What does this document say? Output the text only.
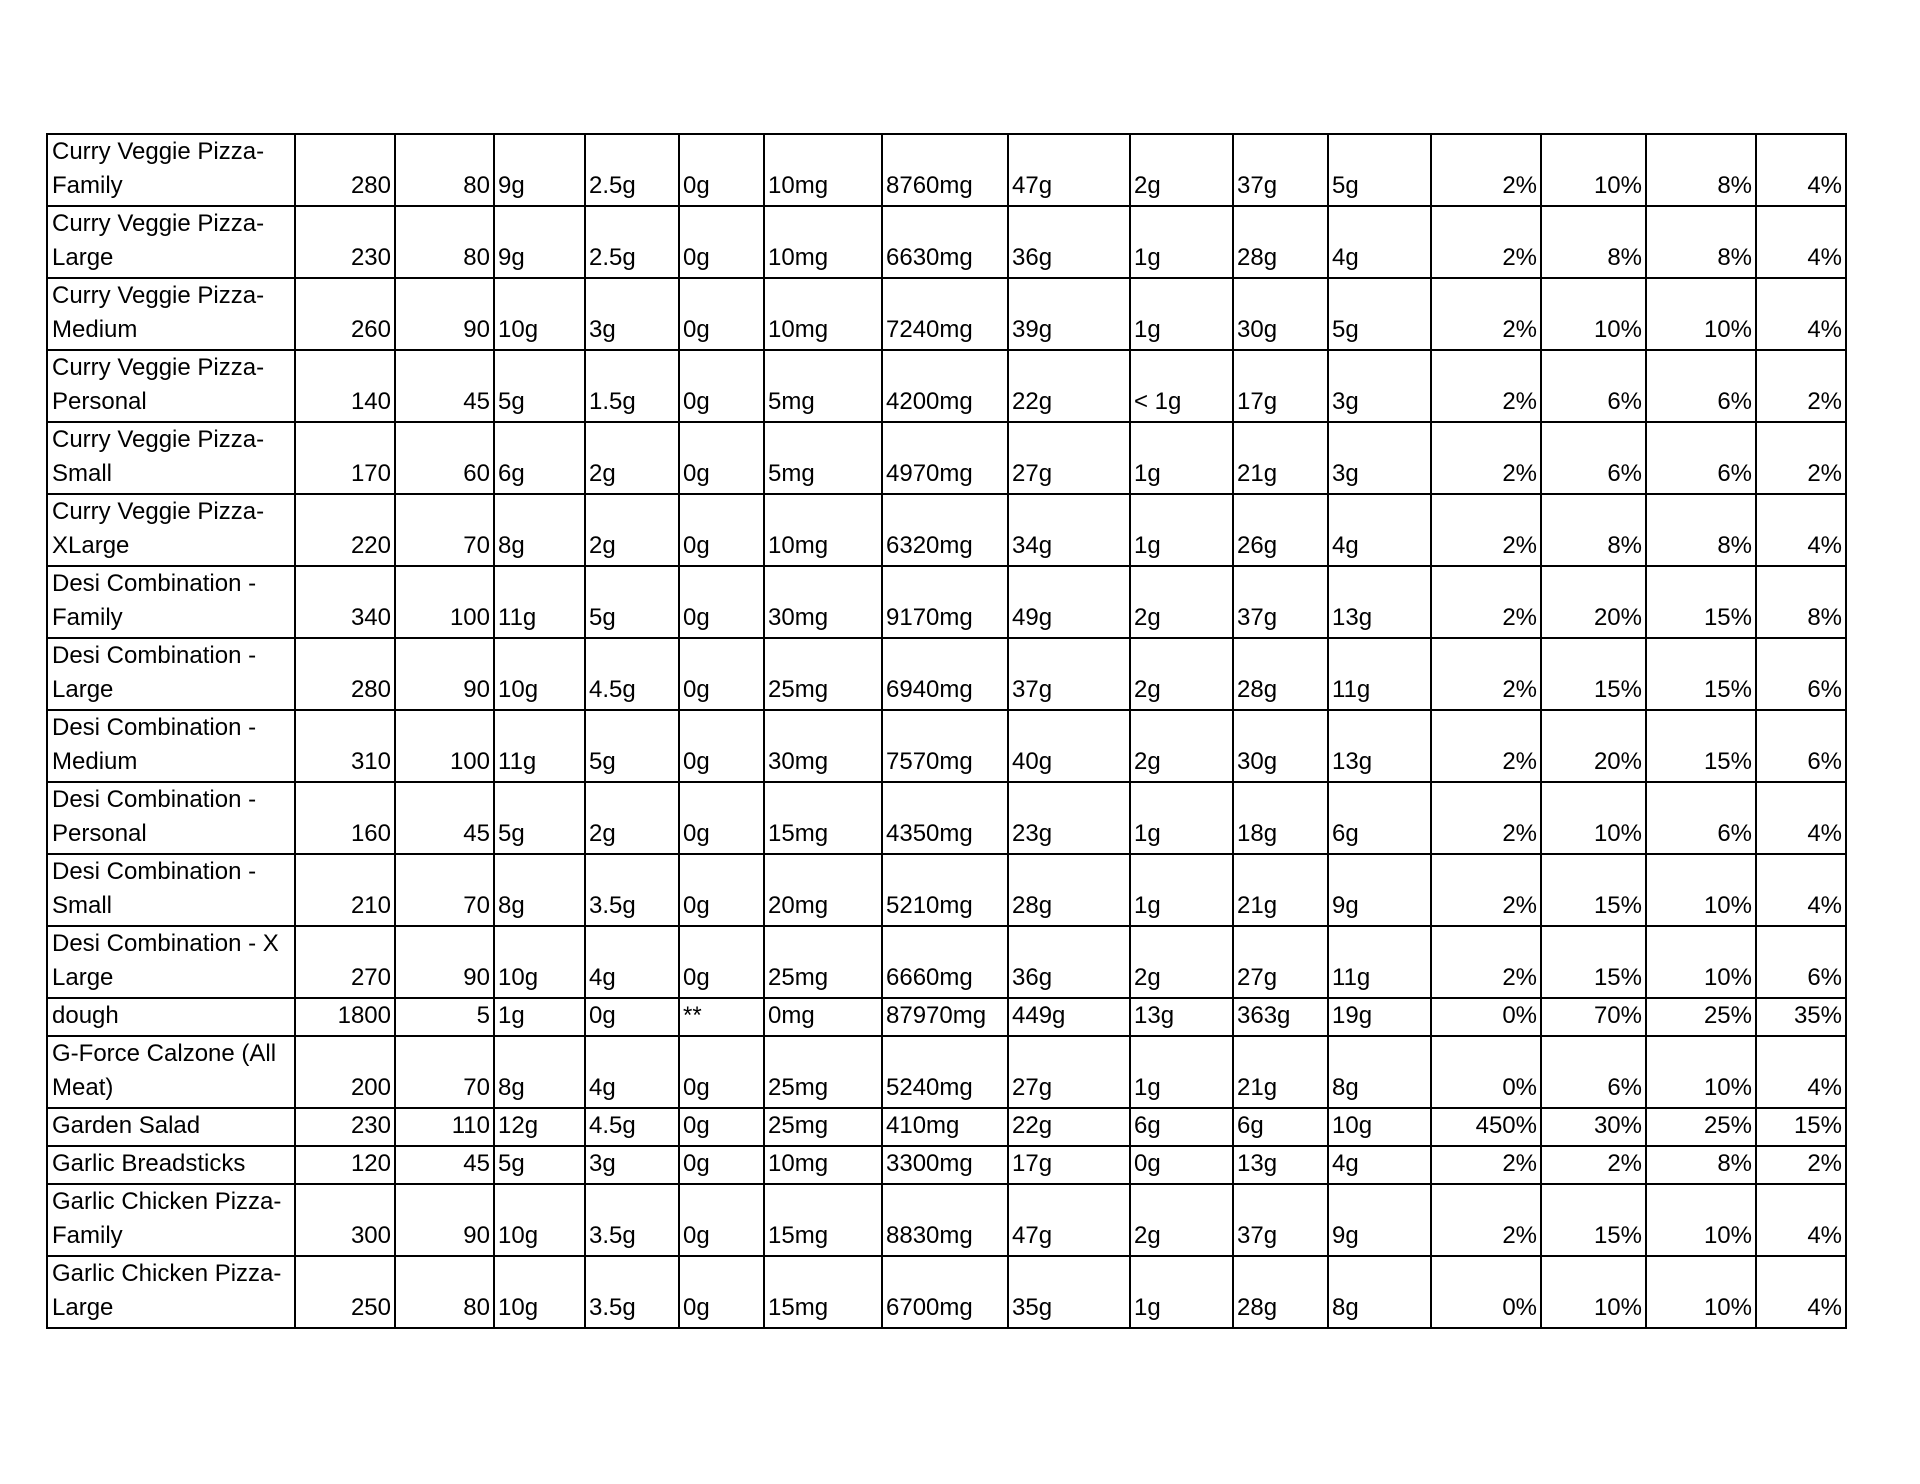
Curry Veggie Pizza-Family	280	80	9g	2.5g	0g	10mg	8760mg	47g	2g	37g	5g	2%	10%	8%	4%
Curry Veggie Pizza-Large	230	80	9g	2.5g	0g	10mg	6630mg	36g	1g	28g	4g	2%	8%	8%	4%
Curry Veggie Pizza-Medium	260	90	10g	3g	0g	10mg	7240mg	39g	1g	30g	5g	2%	10%	10%	4%
Curry Veggie Pizza-Personal	140	45	5g	1.5g	0g	5mg	4200mg	22g	< 1g	17g	3g	2%	6%	6%	2%
Curry Veggie Pizza-Small	170	60	6g	2g	0g	5mg	4970mg	27g	1g	21g	3g	2%	6%	6%	2%
Curry Veggie Pizza-XLarge	220	70	8g	2g	0g	10mg	6320mg	34g	1g	26g	4g	2%	8%	8%	4%
Desi Combination - Family	340	100	11g	5g	0g	30mg	9170mg	49g	2g	37g	13g	2%	20%	15%	8%
Desi Combination - Large	280	90	10g	4.5g	0g	25mg	6940mg	37g	2g	28g	11g	2%	15%	15%	6%
Desi Combination - Medium	310	100	11g	5g	0g	30mg	7570mg	40g	2g	30g	13g	2%	20%	15%	6%
Desi Combination - Personal	160	45	5g	2g	0g	15mg	4350mg	23g	1g	18g	6g	2%	10%	6%	4%
Desi Combination - Small	210	70	8g	3.5g	0g	20mg	5210mg	28g	1g	21g	9g	2%	15%	10%	4%
Desi Combination - X Large	270	90	10g	4g	0g	25mg	6660mg	36g	2g	27g	11g	2%	15%	10%	6%
dough	1800	5	1g	0g	**	0mg	87970mg	449g	13g	363g	19g	0%	70%	25%	35%
G-Force Calzone (All Meat)	200	70	8g	4g	0g	25mg	5240mg	27g	1g	21g	8g	0%	6%	10%	4%
Garden Salad	230	110	12g	4.5g	0g	25mg	410mg	22g	6g	6g	10g	450%	30%	25%	15%
Garlic Breadsticks	120	45	5g	3g	0g	10mg	3300mg	17g	0g	13g	4g	2%	2%	8%	2%
Garlic Chicken Pizza-Family	300	90	10g	3.5g	0g	15mg	8830mg	47g	2g	37g	9g	2%	15%	10%	4%
Garlic Chicken Pizza-Large	250	80	10g	3.5g	0g	15mg	6700mg	35g	1g	28g	8g	0%	10%	10%	4%
